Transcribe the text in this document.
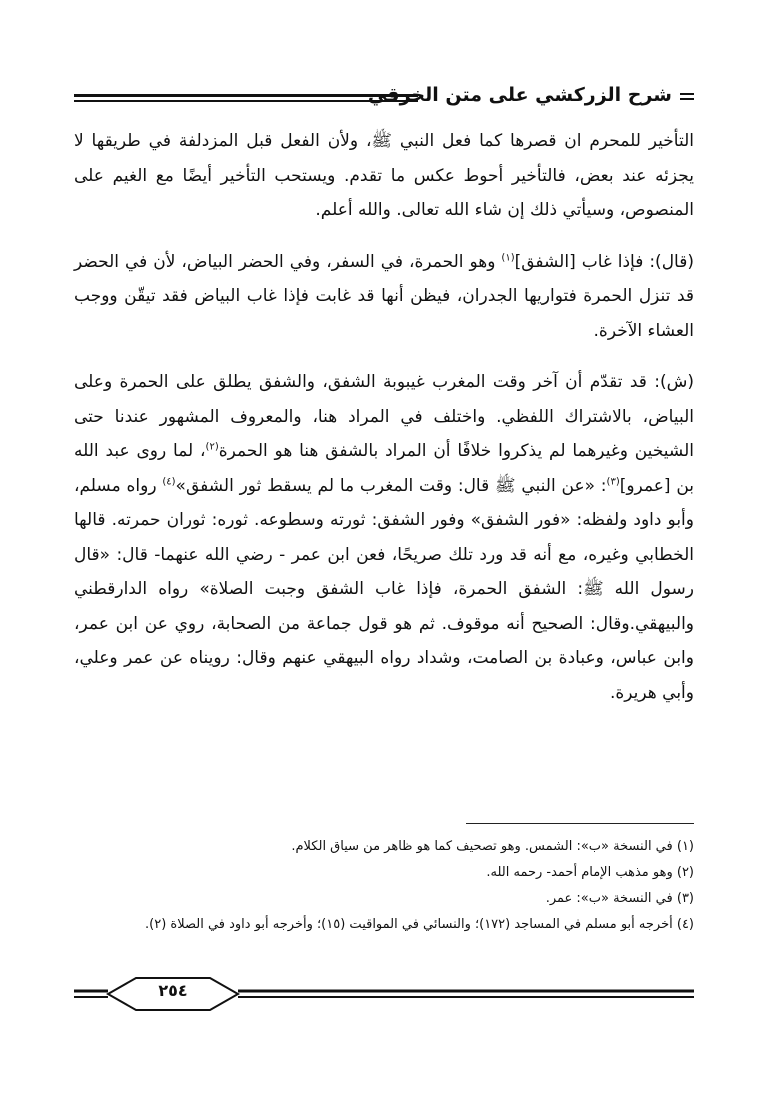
شرح الزركشي على متن الخرقي

التأخير للمحرم ان قصرها كما فعل النبي ﷺ، ولأن الفعل قبل المزدلفة في طريقها لا يجزئه عند بعض، فالتأخير أحوط عكس ما تقدم. ويستحب التأخير أيضًا مع الغيم على المنصوص، وسيأتي ذلك إن شاء الله تعالى. والله أعلم.

(قال): فإذا غاب [الشفق]$^{(١)}$ وهو الحمرة، في السفر، وفي الحضر البياض، لأن في الحضر قد تنزل الحمرة فتواريها الجدران، فيظن أنها قد غابت فإذا غاب البياض فقد تيقّن ووجب العشاء الآخرة.

(ش): قد تقدّم أن آخر وقت المغرب غيبوبة الشفق، والشفق يطلق على الحمرة وعلى البياض، بالاشتراك اللفظي. واختلف في المراد هنا، والمعروف المشهور عندنا حتى الشيخين وغيرهما لم يذكروا خلافًا أن المراد بالشفق هنا هو الحمرة$^{(٢)}$، لما روى عبد الله بن [عمرو]$^{(٣)}$: «عن النبي ﷺ قال: وقت المغرب ما لم يسقط ثور الشفق»$^{(٤)}$ رواه مسلم، وأبو داود ولفظه: «فور الشفق» وفور الشفق: ثورته وسطوعه. ثوره: ثوران حمرته. قالها الخطابي وغيره، مع أنه قد ورد تلك صريحًا، فعن ابن عمر - رضي الله عنهما- قال: «قال رسول الله ﷺ: الشفق الحمرة، فإذا غاب الشفق وجبت الصلاة» رواه الدارقطني والبيهقي.وقال: الصحيح أنه موقوف. ثم هو قول جماعة من الصحابة، روي عن ابن عمر، وابن عباس، وعبادة بن الصامت، وشداد رواه البيهقي عنهم وقال: رويناه عن عمر وعلي، وأبي هريرة.

(١) في النسخة «ب»: الشمس. وهو تصحيف كما هو ظاهر من سياق الكلام.

(٢) وهو مذهب الإمام أحمد- رحمه الله.

(٣) في النسخة «ب»: عمر.

(٤) أخرجه أبو مسلم في المساجد (١٧٢)؛ والنسائي في المواقيت (١٥)؛ وأخرجه أبو داود في الصلاة (٢).

٢٥٤
